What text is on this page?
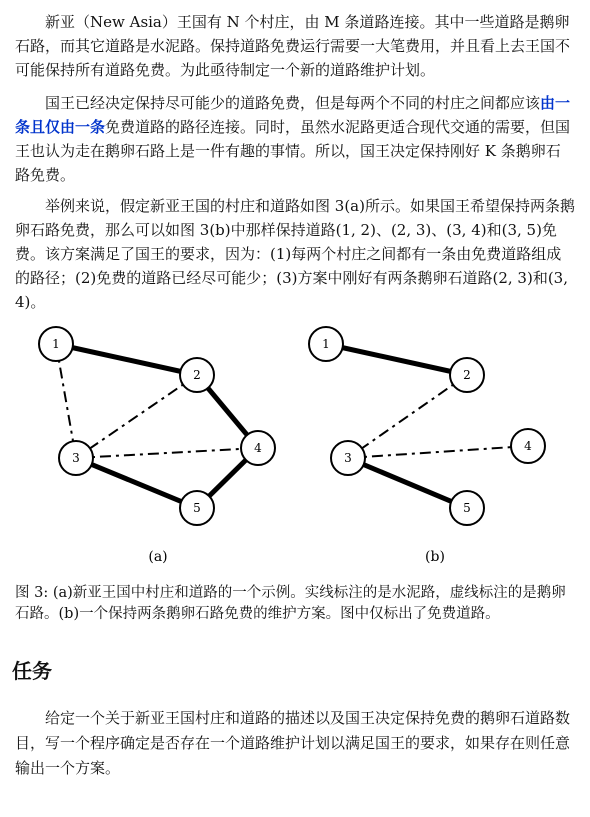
新亚（New Asia）王国有 N 个村庄，由 M 条道路连接。其中一些道路是鹅卵石路，而其它道路是水泥路。保持道路免费运行需要一大笔费用，并且看上去王国不可能保持所有道路免费。为此亟待制定一个新的道路维护计划。

国王已经决定保持尽可能少的道路免费，但是每两个不同的村庄之间都应该由一条且仅由一条免费道路的路径连接。同时，虽然水泥路更适合现代交通的需要，但国王也认为走在鹅卵石路上是一件有趣的事情。所以，国王决定保持刚好 K 条鹅卵石路免费。

举例来说，假定新亚王国的村庄和道路如图 3(a)所示。如果国王希望保持两条鹅卵石路免费，那么可以如图 3(b)中那样保持道路(1, 2)、(2, 3)、(3, 4)和(3, 5)免费。该方案满足了国王的要求，因为：(1)每两个村庄之间都有一条由免费道路组成的路径；(2)免费的道路已经尽可能少；(3)方案中刚好有两条鹅卵石道路(2, 3)和(3, 4)。

1
2
3
4
5
(a)
1
2
3
4
5
(b)
图 3: (a)新亚王国中村庄和道路的一个示例。实线标注的是水泥路，虚线标注的是鹅卵石路。(b)一个保持两条鹅卵石路免费的维护方案。图中仅标出了免费道路。
任务

给定一个关于新亚王国村庄和道路的描述以及国王决定保持免费的鹅卵石道路数目，写一个程序确定是否存在一个道路维护计划以满足国王的要求，如果存在则任意输出一个方案。
